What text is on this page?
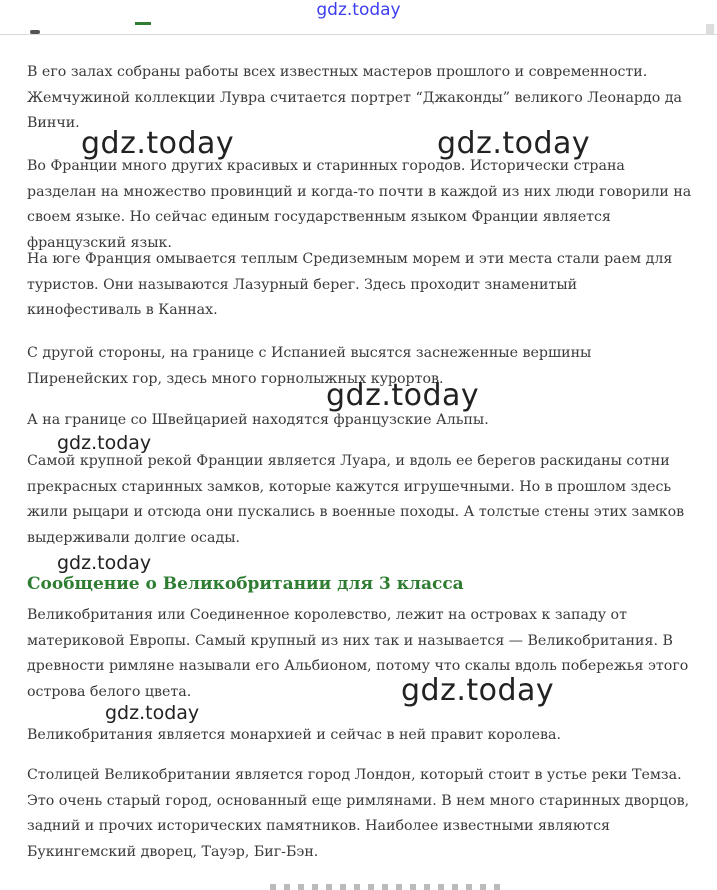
gdz.today

В его залах собраны работы всех известных мастеров прошлого и современности. Жемчужиной коллекции Лувра считается портрет “Джаконды” великого Леонардо да Винчи.

Во Франции много других красивых и старинных городов. Исторически страна разделан на множество провинций и когда-то почти в каждой из них люди говорили на своем языке. Но сейчас единым государственным языком Франции является французский язык.

На юге Франция омывается теплым Средиземным морем и эти места стали раем для туристов. Они называются Лазурный берег. Здесь проходит знаменитый кинофестиваль в Каннах.

С другой стороны, на границе с Испанией высятся заснеженные вершины Пиренейских гор, здесь много горнолыжных курортов.

А на границе со Швейцарией находятся французские Альпы.

Самой крупной рекой Франции является Луара, и вдоль ее берегов раскиданы сотни прекрасных старинных замков, которые кажутся игрушечными. Но в прошлом здесь жили рыцари и отсюда они пускались в военные походы. А толстые стены этих замков выдерживали долгие осады.

Сообщение о Великобритании для 3 класса

Великобритания или Соединенное королевство, лежит на островах к западу от материковой Европы. Самый крупный из них так и называется — Великобритания. В древности римляне называли его Альбионом, потому что скалы вдоль побережья этого острова белого цвета.

Великобритания является монархией и сейчас в ней правит королева.

Столицей Великобритании является город Лондон, который стоит в устье реки Темза. Это очень старый город, основанный еще римлянами. В нем много старинных дворцов, задний и прочих исторических памятников. Наиболее известными являются Букингемский дворец, Тауэр, Биг-Бэн.

gdz.today	gdz.today
gdz.today
gdz.today
gdz.today
gdz.today
gdz.today
